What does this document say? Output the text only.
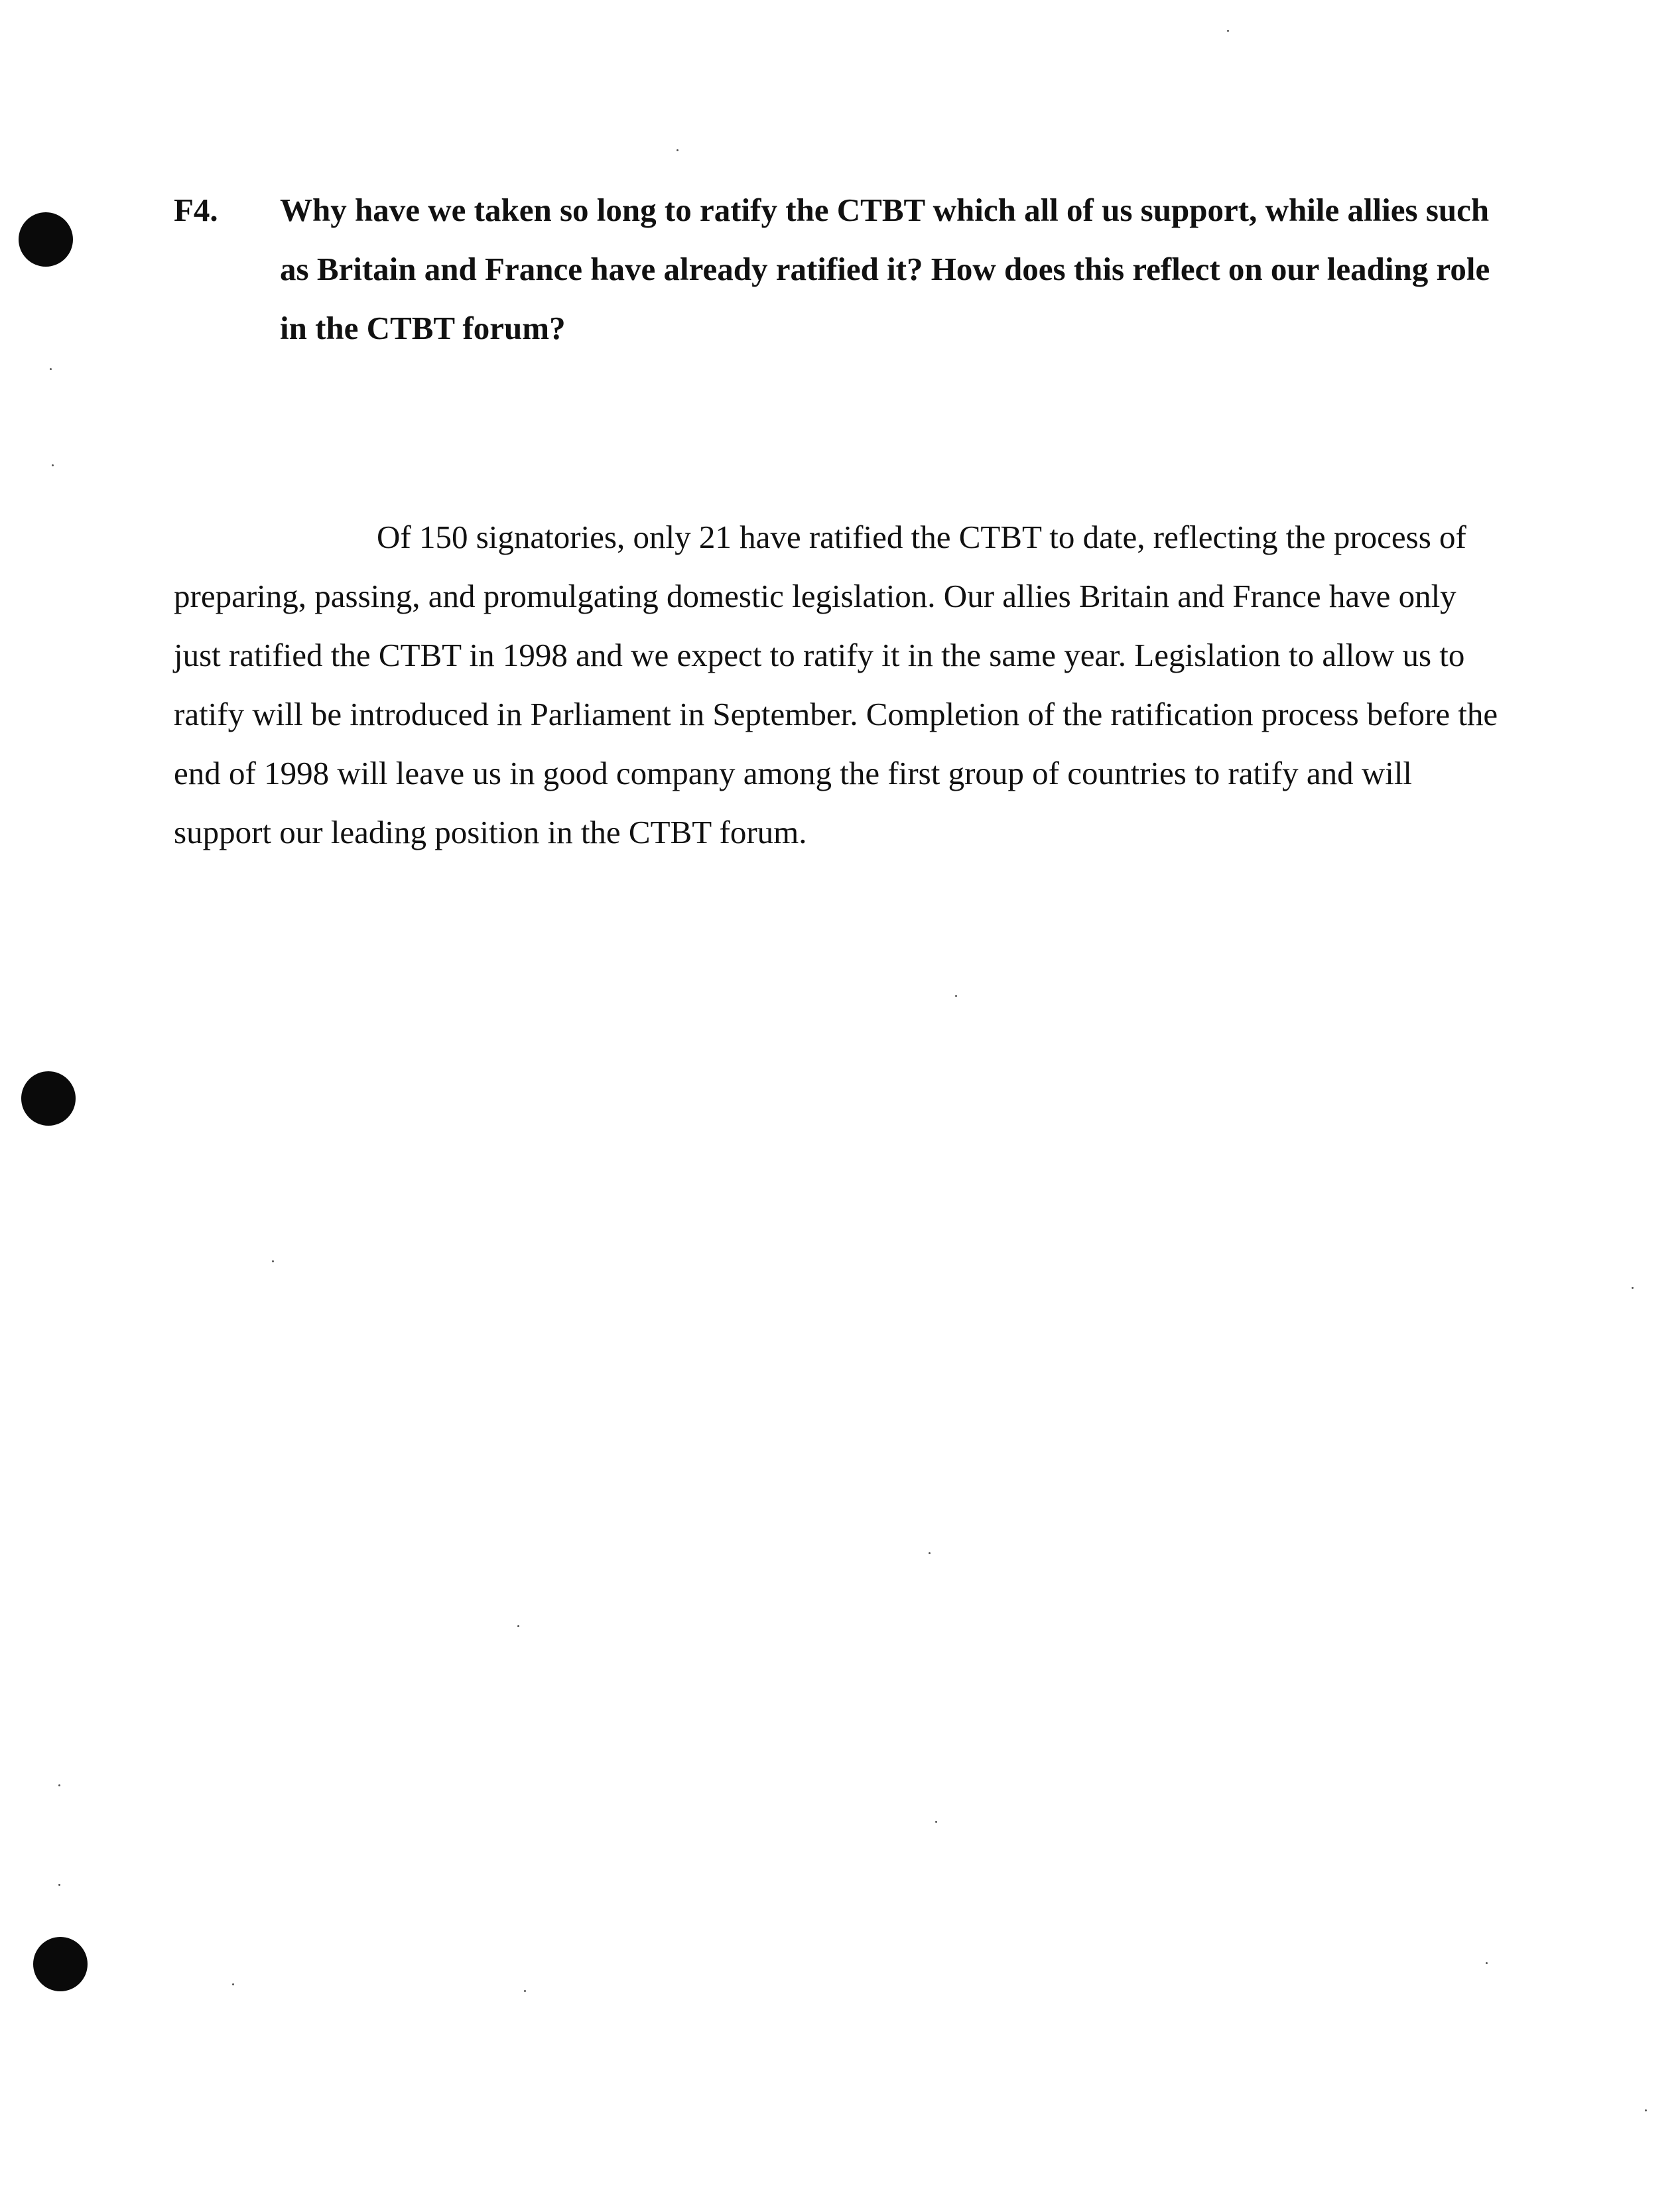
F4. Why have we taken so long to ratify the CTBT which all of us support, while allies such as Britain and France have already ratified it? How does this reflect on our leading role in the CTBT forum?

Of 150 signatories, only 21 have ratified the CTBT to date, reflecting the process of preparing, passing, and promulgating domestic legislation. Our allies Britain and France have only just ratified the CTBT in 1998 and we expect to ratify it in the same year. Legislation to allow us to ratify will be introduced in Parliament in September. Completion of the ratification process before the end of 1998 will leave us in good company among the first group of countries to ratify and will support our leading position in the CTBT forum.
